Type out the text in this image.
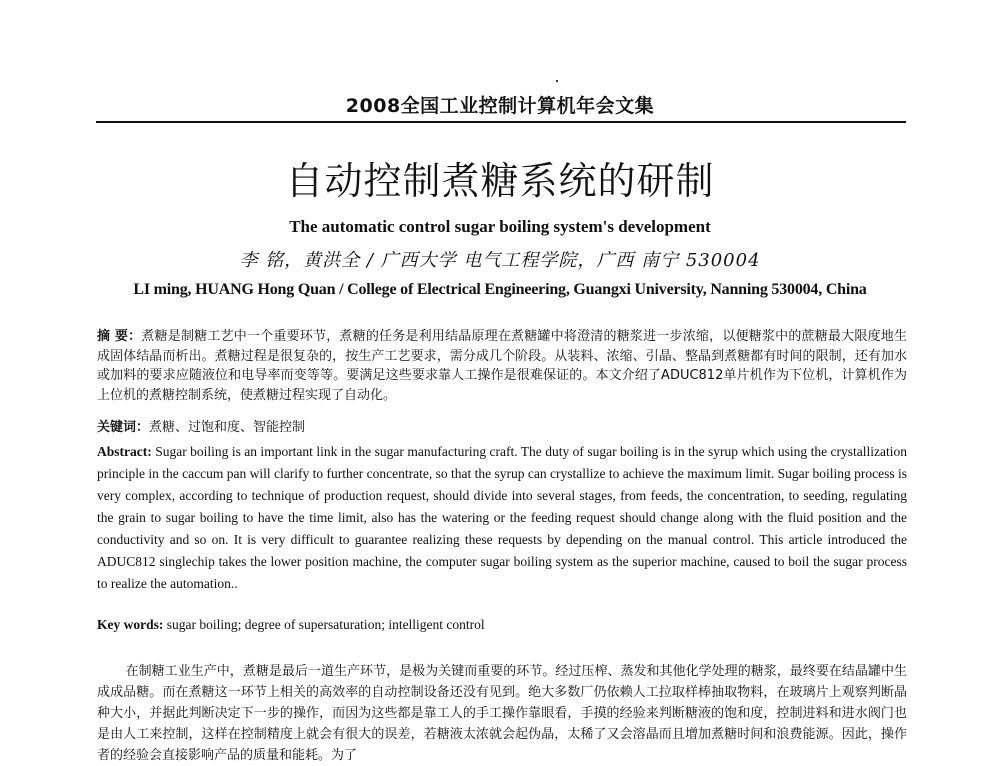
2008全国工业控制计算机年会文集
自动控制煮糖系统的研制
The automatic control sugar boiling system's development
李 铭，黄洪全 / 广西大学 电气工程学院，广西 南宁 530004
LI ming, HUANG Hong Quan / College of Electrical Engineering, Guangxi University, Nanning 530004, China
摘 要：煮糖是制糖工艺中一个重要环节，煮糖的任务是利用结晶原理在煮糖罐中将澄清的糖浆进一步浓缩，以便糖浆中的蔗糖最大限度地生成固体结晶而析出。煮糖过程是很复杂的，按生产工艺要求，需分成几个阶段。从装料、浓缩、引晶、整晶到煮糖都有时间的限制，还有加水或加料的要求应随液位和电导率而变等等。要满足这些要求靠人工操作是很难保证的。本文介绍了ADUC812单片机作为下位机，计算机作为上位机的煮糖控制系统，使煮糖过程实现了自动化。
关键词：煮糖、过饱和度、智能控制
Abstract: Sugar boiling is an important link in the sugar manufacturing craft. The duty of sugar boiling is in the syrup which using the crystallization principle in the caccum pan will clarify to further concentrate, so that the syrup can crystallize to achieve the maximum limit. Sugar boiling process is very complex, according to technique of production request, should divide into several stages, from feeds, the concentration, to seeding, regulating the grain to sugar boiling to have the time limit, also has the watering or the feeding request should change along with the fluid position and the conductivity and so on. It is very difficult to guarantee realizing these requests by depending on the manual control. This article introduced the ADUC812 singlechip takes the lower position machine, the computer sugar boiling system as the superior machine, caused to boil the sugar process to realize the automation..
Key words: sugar boiling; degree of supersaturation; intelligent control
在制糖工业生产中，煮糖是最后一道生产环节，是极为关键而重要的环节。经过压榨、蒸发和其他化学处理的糖浆，最终要在结晶罐中生成成品糖。而在煮糖这一环节上相关的高效率的自动控制设备还没有见到。绝大多数厂仍依赖人工拉取样棒抽取物料，在玻璃片上观察判断晶种大小，并据此判断决定下一步的操作，而因为这些都是靠工人的手工操作靠眼看，手摸的经验来判断糖液的饱和度，控制进料和进水阀门也是由人工来控制，这样在控制精度上就会有很大的误差，若糖液太浓就会起伪晶，太稀了又会溶晶而且增加煮糖时间和浪费能源。因此，操作者的经验会直接影响产品的质量和能耗。为了
